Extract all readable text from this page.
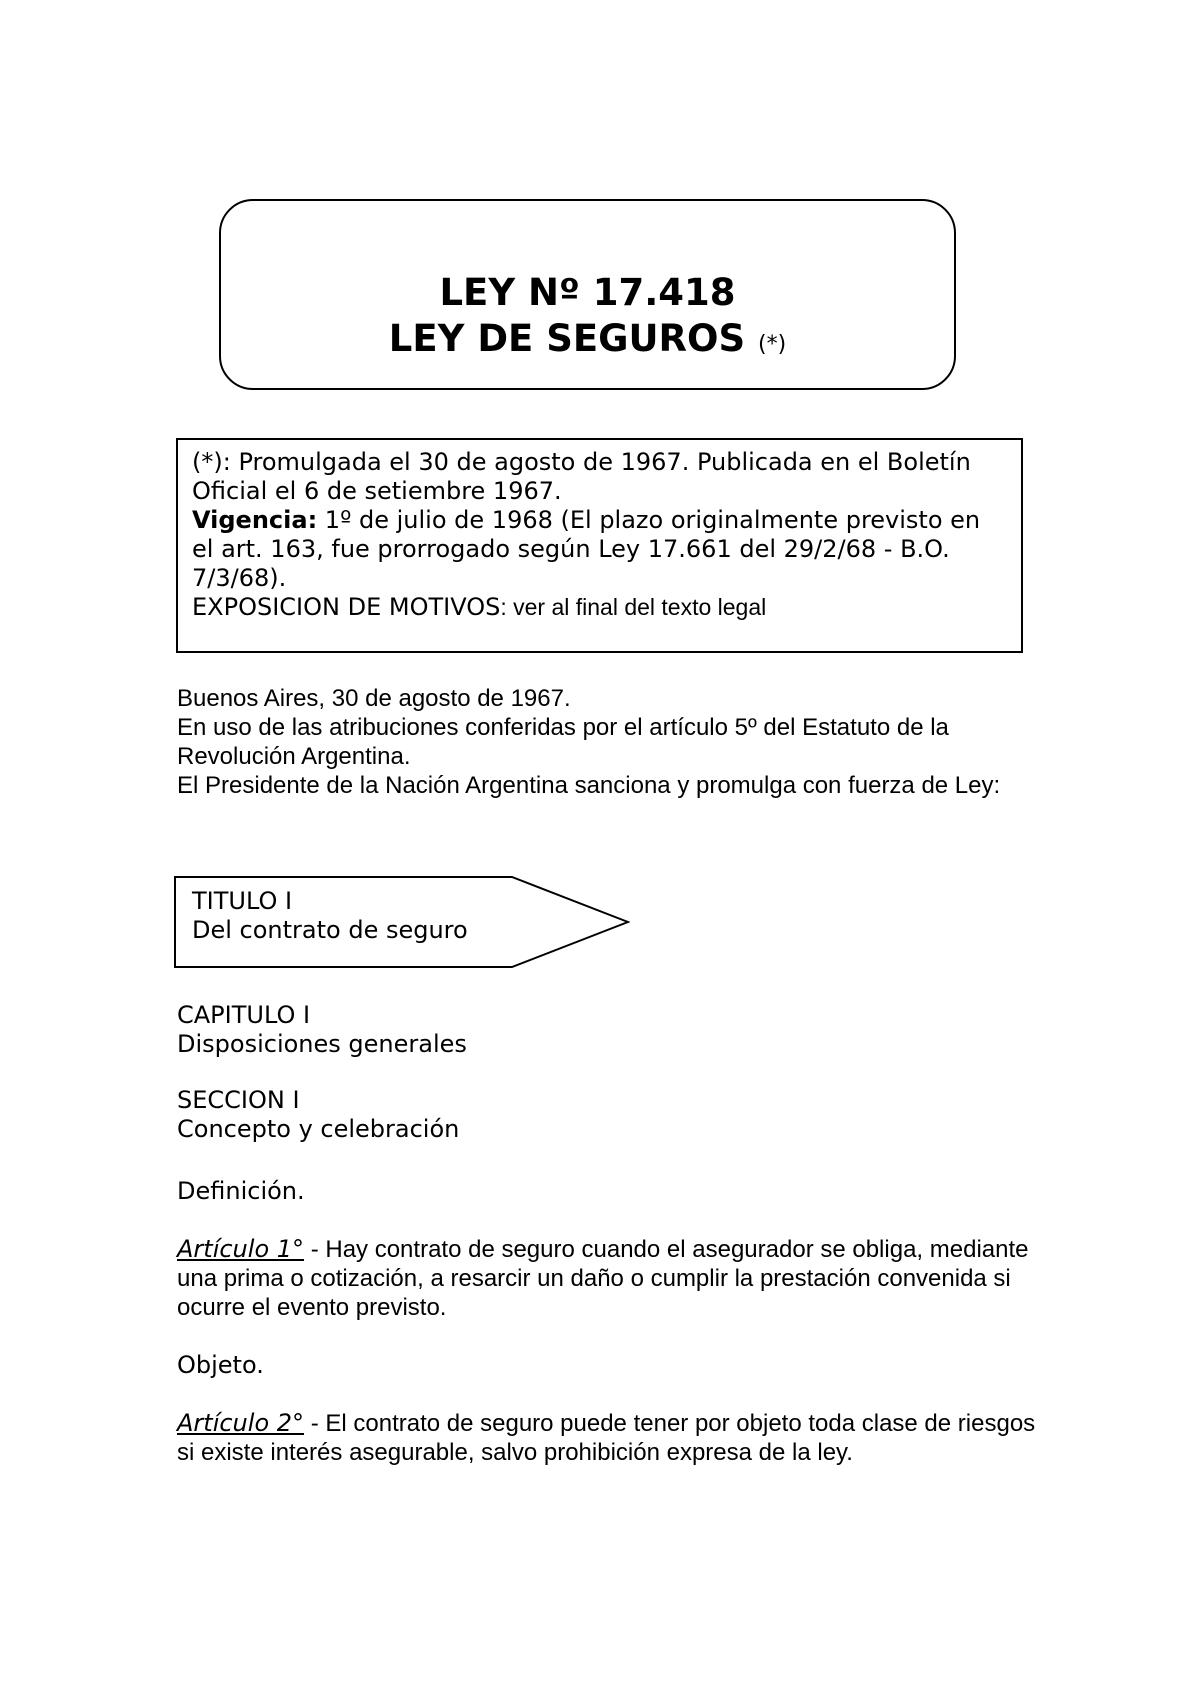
LEY Nº 17.418
LEY DE SEGUROS (*)

(*): Promulgada el 30 de agosto de 1967. Publicada en el Boletín Oficial el 6 de setiembre 1967.

Vigencia: 1º de julio de 1968 (El plazo originalmente previsto en el art. 163, fue prorrogado según Ley 17.661 del 29/2/68 - B.O. 7/3/68).

EXPOSICION DE MOTIVOS: ver al final del texto legal

Buenos Aires, 30 de agosto de 1967.

En uso de las atribuciones conferidas por el artículo 5º del Estatuto de la Revolución Argentina.

El Presidente de la Nación Argentina sanciona y promulga con fuerza de Ley:

TITULO I
Del contrato de seguro
CAPITULO I
Disposiciones generales
SECCION I
Concepto y celebración
Definición.

Artículo 1° - Hay contrato de seguro cuando el asegurador se obliga, mediante una prima o cotización, a resarcir un daño o cumplir la prestación convenida si ocurre el evento previsto.

Objeto.

Artículo 2° - El contrato de seguro puede tener por objeto toda clase de riesgos si existe interés asegurable, salvo prohibición expresa de la ley.
